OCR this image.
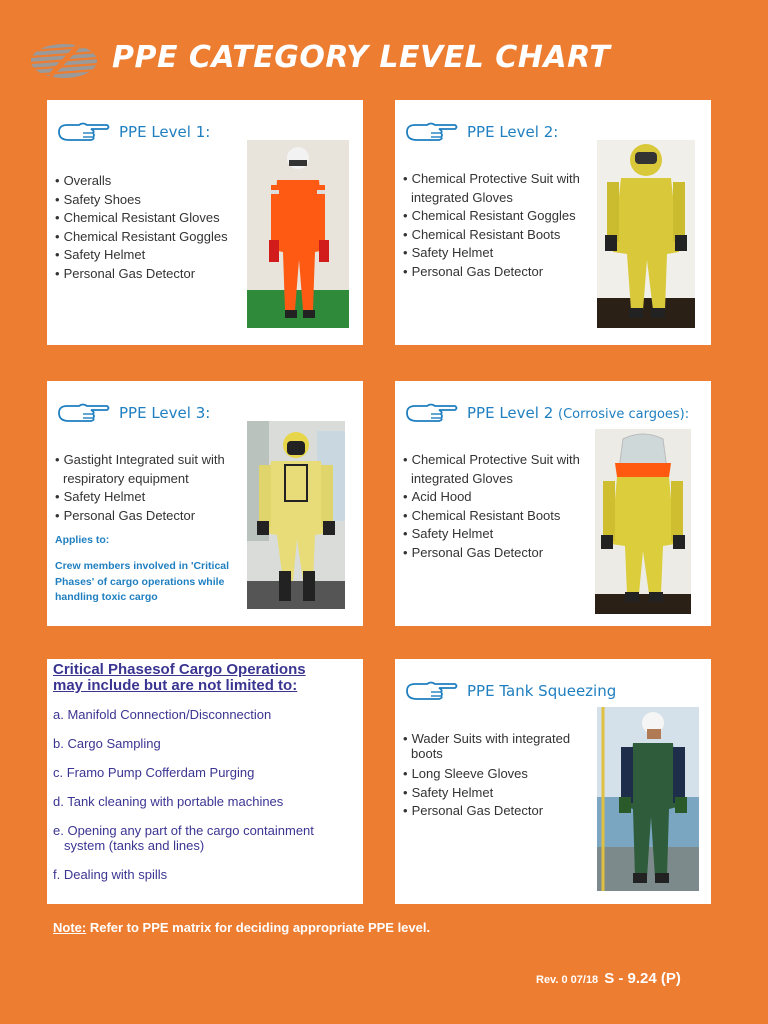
PPE CATEGORY LEVEL CHART
PPE Level 1:
• Overalls
• Safety Shoes
• Chemical Resistant Gloves
• Chemical Resistant Goggles
• Safety Helmet
• Personal Gas Detector
PPE Level 2:
• Chemical Protective Suit with
integrated Gloves
• Chemical Resistant Goggles
• Chemical Resistant Boots
• Safety Helmet
• Personal Gas Detector
PPE Level 3:
• Gastight Integrated suit with
respiratory equipment
• Safety Helmet
• Personal Gas Detector
Applies to:
Crew members involved in 'Critical
Phases' of cargo operations while
handling toxic cargo
PPE Level 2 (Corrosive cargoes):
• Chemical Protective Suit with
integrated Gloves
• Acid Hood
• Chemical Resistant Boots
• Safety Helmet
• Personal Gas Detector
Critical Phasesof Cargo Operations
may include but are not limited to:
a. Manifold Connection/Disconnection
b. Cargo Sampling
c. Framo Pump Cofferdam Purging
d. Tank cleaning with portable machines
e. Opening any part of the cargo containment
system (tanks and lines)
f. Dealing with spills
PPE Tank Squeezing
• Wader Suits with integrated
boots
• Long Sleeve Gloves
• Safety Helmet
• Personal Gas Detector
Note: Refer to PPE matrix for deciding appropriate PPE level.
Rev. 0 07/18 S - 9.24 (P)
